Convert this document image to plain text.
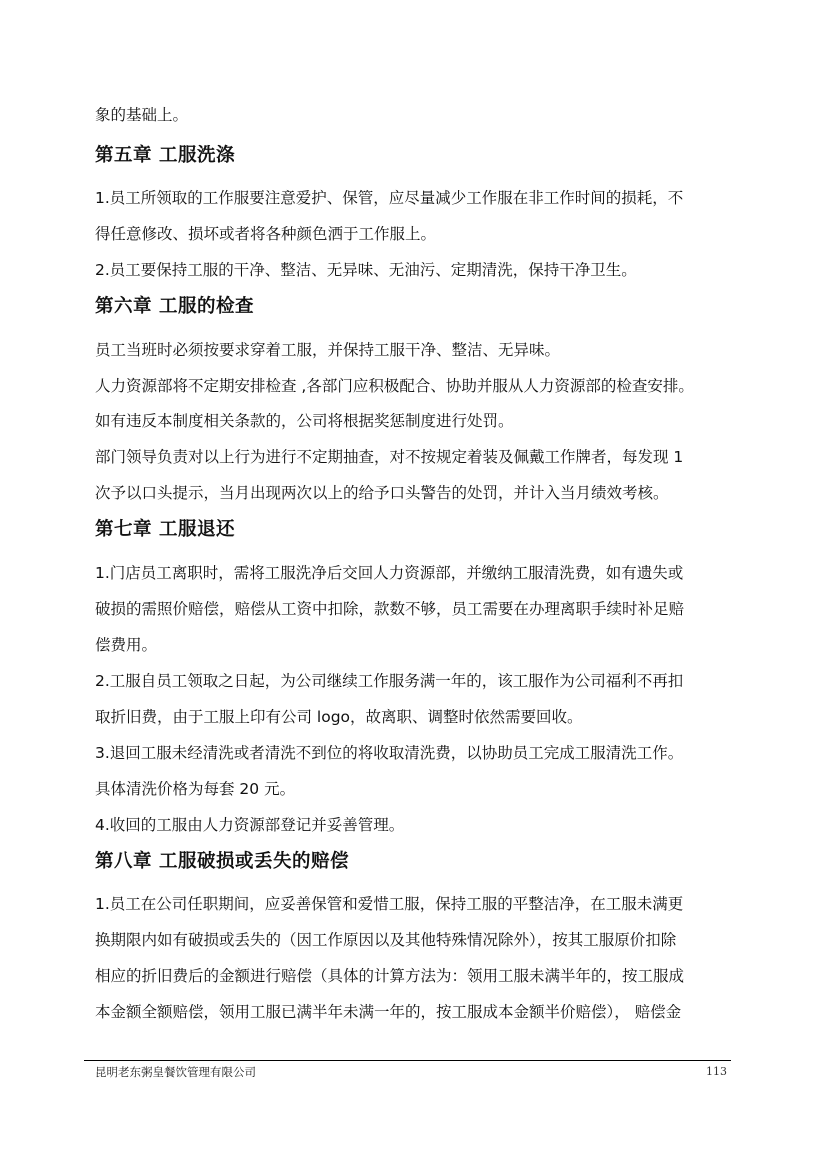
象的基础上。

第五章 工服洗涤

1.员工所领取的工作服要注意爱护、保管，应尽量减少工作服在非工作时间的损耗，不

得任意修改、损坏或者将各种颜色洒于工作服上。

2.员工要保持工服的干净、整洁、无异味、无油污、定期清洗，保持干净卫生。

第六章 工服的检查

员工当班时必须按要求穿着工服，并保持工服干净、整洁、无异味。

人力资源部将不定期安排检查 ,各部门应积极配合、协助并服从人力资源部的检查安排。

如有违反本制度相关条款的，公司将根据奖惩制度进行处罚。

部门领导负责对以上行为进行不定期抽查，对不按规定着装及佩戴工作牌者，每发现 1

次予以口头提示，当月出现两次以上的给予口头警告的处罚，并计入当月绩效考核。

第七章 工服退还

1.门店员工离职时，需将工服洗净后交回人力资源部，并缴纳工服清洗费，如有遗失或

破损的需照价赔偿，赔偿从工资中扣除，款数不够，员工需要在办理离职手续时补足赔

偿费用。

2.工服自员工领取之日起，为公司继续工作服务满一年的，该工服作为公司福利不再扣

取折旧费，由于工服上印有公司 logo，故离职、调整时依然需要回收。

3.退回工服未经清洗或者清洗不到位的将收取清洗费，以协助员工完成工服清洗工作。

具体清洗价格为每套 20 元。

4.收回的工服由人力资源部登记并妥善管理。

第八章 工服破损或丢失的赔偿

1.员工在公司任职期间，应妥善保管和爱惜工服，保持工服的平整洁净，在工服未满更

换期限内如有破损或丢失的（因工作原因以及其他特殊情况除外），按其工服原价扣除

相应的折旧费后的金额进行赔偿（具体的计算方法为：领用工服未满半年的，按工服成

本金额全额赔偿，领用工服已满半年未满一年的，按工服成本金额半价赔偿）， 赔偿金

昆明老东粥皇餐饮管理有限公司	113
